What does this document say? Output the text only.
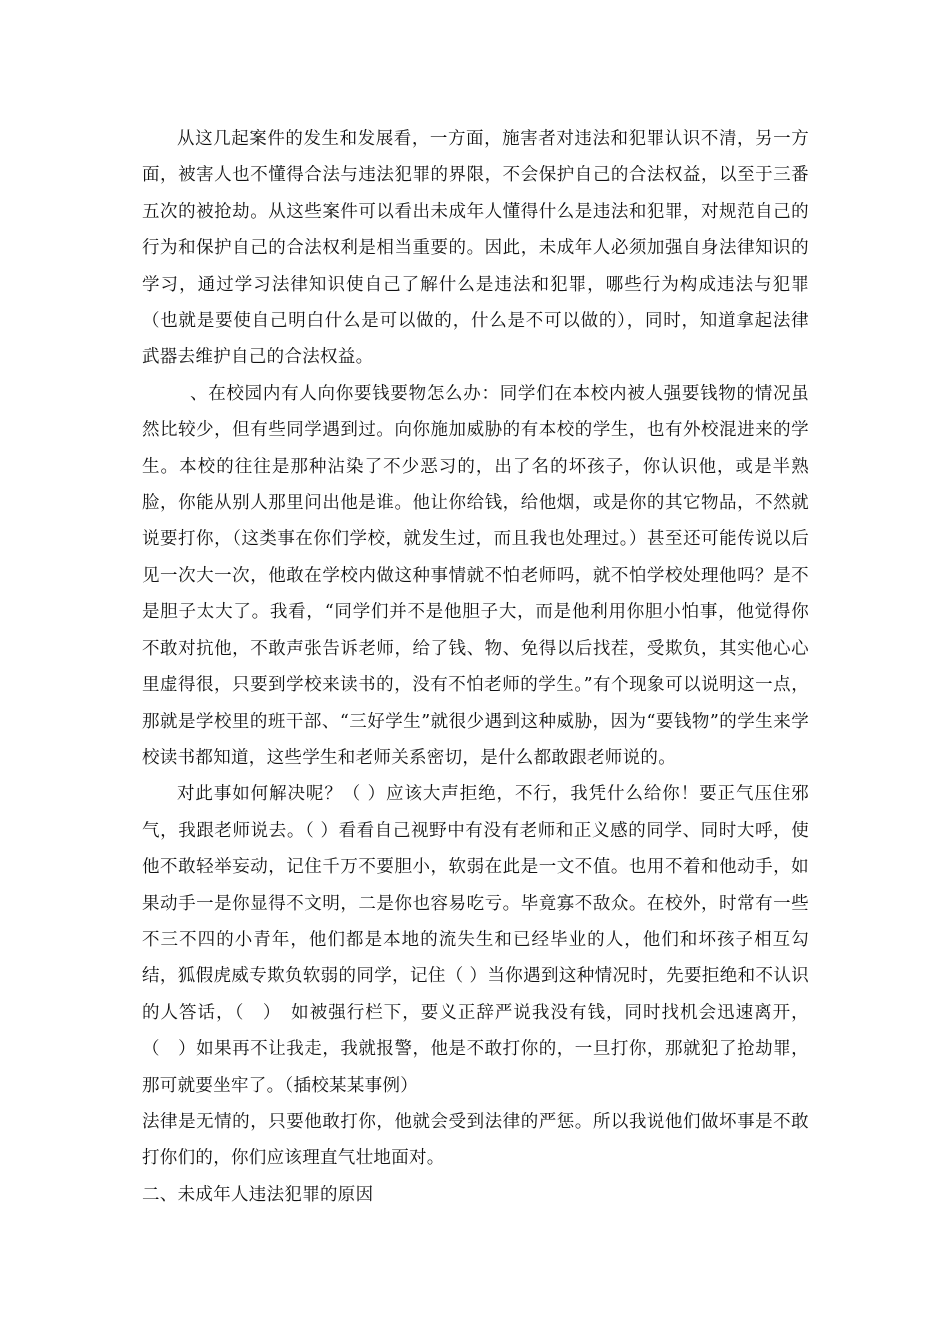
从这几起案件的发生和发展看，一方面，施害者对违法和犯罪认识不清，另一方面，被害人也不懂得合法与违法犯罪的界限，不会保护自己的合法权益，以至于三番五次的被抢劫。从这些案件可以看出未成年人懂得什么是违法和犯罪，对规范自己的行为和保护自己的合法权利是相当重要的。因此，未成年人必须加强自身法律知识的学习，通过学习法律知识使自己了解什么是违法和犯罪，哪些行为构成违法与犯罪（也就是要使自己明白什么是可以做的，什么是不可以做的），同时，知道拿起法律武器去维护自己的合法权益。

、在校园内有人向你要钱要物怎么办：同学们在本校内被人强要钱物的情况虽然比较少，但有些同学遇到过。向你施加威胁的有本校的学生，也有外校混进来的学生。本校的往往是那种沾染了不少恶习的，出了名的坏孩子，你认识他，或是半熟脸，你能从别人那里问出他是谁。他让你给钱，给他烟，或是你的其它物品，不然就说要打你，（这类事在你们学校，就发生过，而且我也处理过。）甚至还可能传说以后见一次大一次，他敢在学校内做这种事情就不怕老师吗，就不怕学校处理他吗？是不是胆子太大了。我看，“同学们并不是他胆子大，而是他利用你胆小怕事，他觉得你不敢对抗他，不敢声张告诉老师，给了钱、物、免得以后找茬，受欺负，其实他心心里虚得很，只要到学校来读书的，没有不怕老师的学生。”有个现象可以说明这一点，那就是学校里的班干部、“三好学生”就很少遇到这种威胁，因为“要钱物”的学生来学校读书都知道，这些学生和老师关系密切，是什么都敢跟老师说的。

对此事如何解决呢？（ ）应该大声拒绝，不行，我凭什么给你！要正气压住邪气，我跟老师说去。（ ）看看自己视野中有没有老师和正义感的同学、同时大呼，使他不敢轻举妄动，记住千万不要胆小，软弱在此是一文不值。也用不着和他动手，如果动手一是你显得不文明，二是你也容易吃亏。毕竟寡不敌众。在校外，时常有一些不三不四的小青年，他们都是本地的流失生和已经毕业的人，他们和坏孩子相互勾结，狐假虎威专欺负软弱的同学，记住（ ）当你遇到这种情况时，先要拒绝和不认识的人答话，（　）　如被强行栏下，要义正辞严说我没有钱，同时找机会迅速离开，（　）如果再不让我走，我就报警，他是不敢打你的，一旦打你，那就犯了抢劫罪，那可就要坐牢了。（插校某某事例）

法律是无情的，只要他敢打你，他就会受到法律的严惩。所以我说他们做坏事是不敢打你们的，你们应该理直气壮地面对。

二、未成年人违法犯罪的原因
